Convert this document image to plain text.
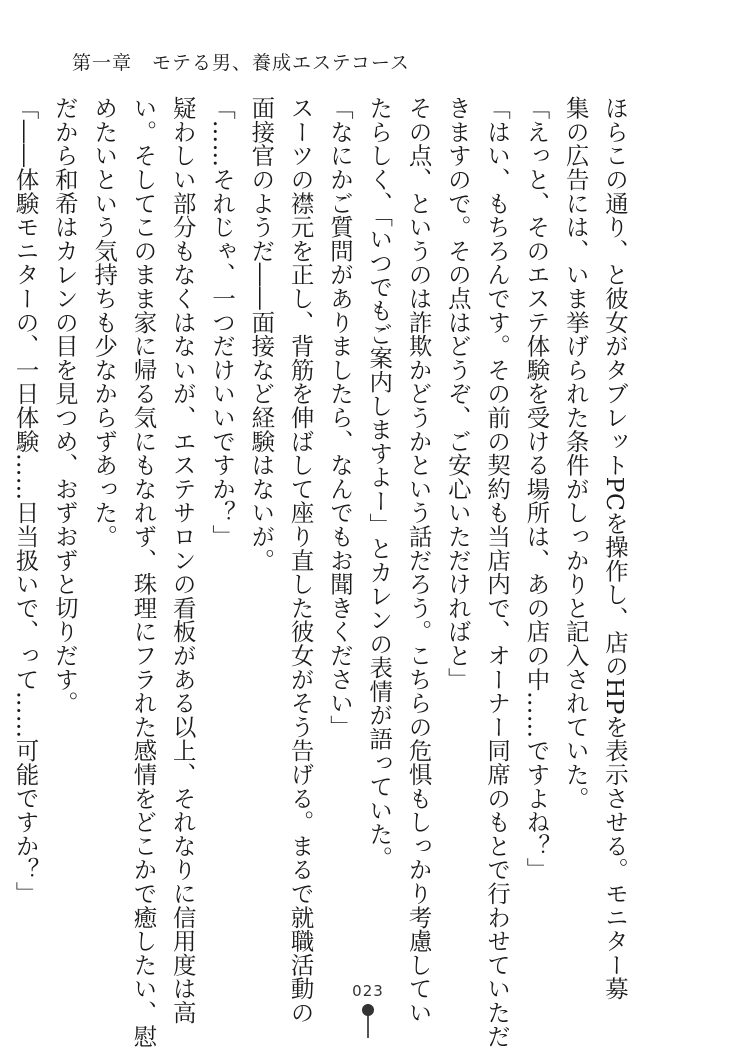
第一章　モテる男、養成エステコース
ほらこの通り、と彼女がタブレットPCを操作し、店のHPを表示させる。モニター募
集の広告には、いま挙げられた条件がしっかりと記入されていた。
「えっと、そのエステ体験を受ける場所は、あの店の中……ですよね？」
「はい、もちろんです。その前の契約も当店内で、オーナー同席のもとで行わせていただ
きますので。その点はどうぞ、ご安心いただければと」
その点、というのは詐欺かどうかという話だろう。こちらの危惧もしっかり考慮してい
たらしく、「いつでもご案内しますよー」とカレンの表情が語っていた。
「なにかご質問がありましたら、なんでもお聞きください」
スーツの襟元を正し、背筋を伸ばして座り直した彼女がそう告げる。まるで就職活動の
面接官のようだ――面接など経験はないが。
「……それじゃ、一つだけいいですか？」
疑わしい部分もなくはないが、エステサロンの看板がある以上、それなりに信用度は高
い。そしてこのまま家に帰る気にもなれず、珠理にフラれた感情をどこかで癒したい、慰
めたいという気持ちも少なからずあった。
だから和希はカレンの目を見つめ、おずおずと切りだす。
「――体験モニターの、一日体験……日当扱いで、って……可能ですか？」
023
